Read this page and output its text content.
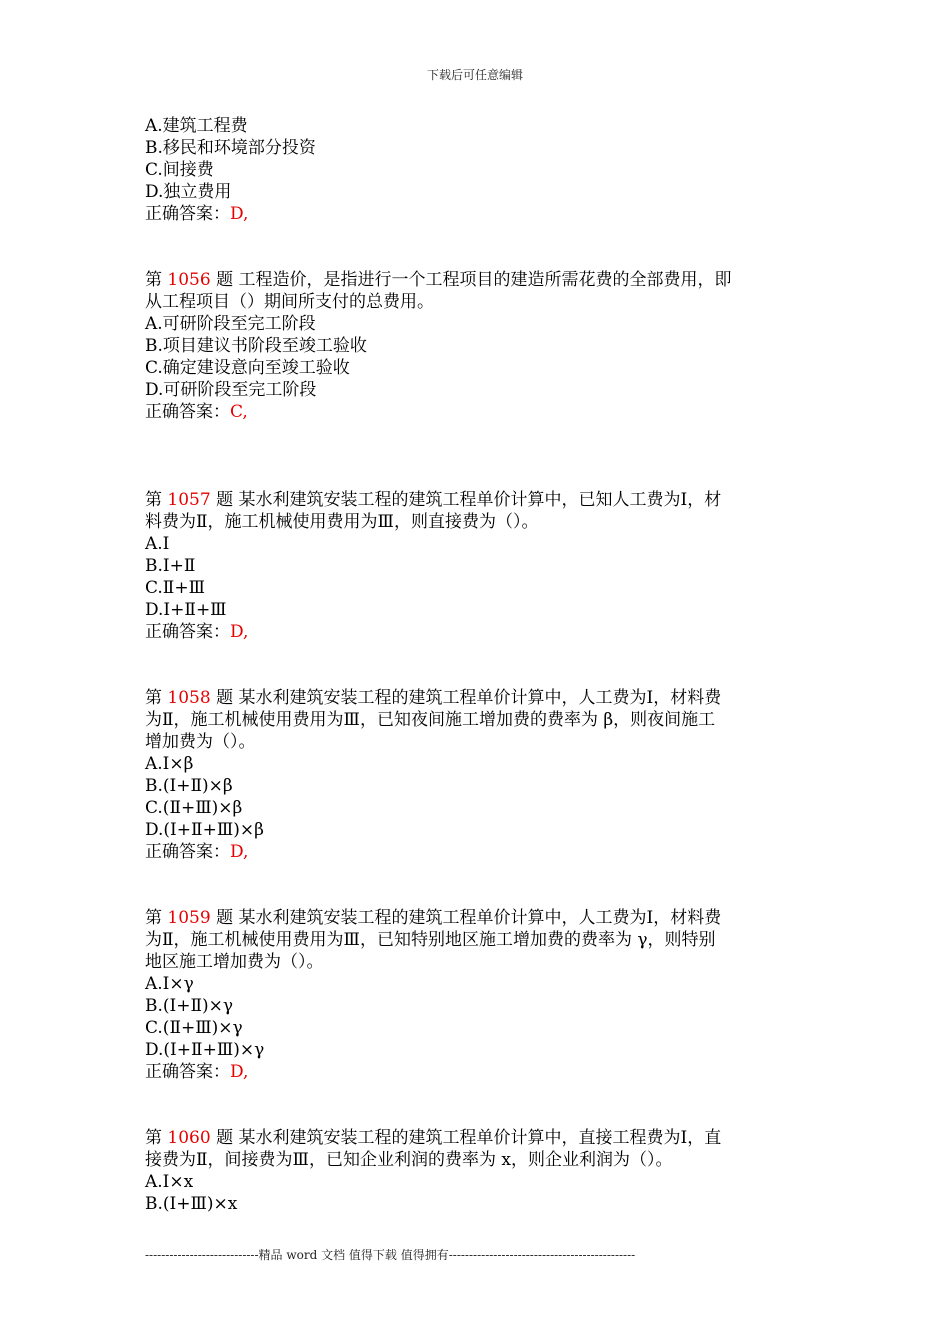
下载后可任意编辑

A.建筑工程费

B.移民和环境部分投资

C.间接费

D.独立费用

正确答案：D,

第 1056 题 工程造价，是指进行一个工程项目的建造所需花费的全部费用，即

从工程项目（）期间所支付的总费用。

A.可研阶段至完工阶段

B.项目建议书阶段至竣工验收

C.确定建设意向至竣工验收

D.可研阶段至完工阶段

正确答案：C,

第 1057 题 某水利建筑安装工程的建筑工程单价计算中，已知人工费为Ⅰ，材

料费为Ⅱ，施工机械使用费用为Ⅲ，则直接费为（）。

A.Ⅰ

B.Ⅰ+Ⅱ

C.Ⅱ+Ⅲ

D.Ⅰ+Ⅱ+Ⅲ

正确答案：D,

第 1058 题 某水利建筑安装工程的建筑工程单价计算中，人工费为Ⅰ，材料费

为Ⅱ，施工机械使用费用为Ⅲ，已知夜间施工增加费的费率为 β，则夜间施工

增加费为（）。

A.Ⅰ×β

B.(Ⅰ+Ⅱ)×β

C.(Ⅱ+Ⅲ)×β

D.(Ⅰ+Ⅱ+Ⅲ)×β

正确答案：D,

第 1059 题 某水利建筑安装工程的建筑工程单价计算中，人工费为Ⅰ，材料费

为Ⅱ，施工机械使用费用为Ⅲ，已知特别地区施工增加费的费率为 γ，则特别

地区施工增加费为（）。

A.Ⅰ×γ

B.(Ⅰ+Ⅱ)×γ

C.(Ⅱ+Ⅲ)×γ

D.(Ⅰ+Ⅱ+Ⅲ)×γ

正确答案：D,

第 1060 题 某水利建筑安装工程的建筑工程单价计算中，直接工程费为Ⅰ，直

接费为Ⅱ，间接费为Ⅲ，已知企业利润的费率为 x，则企业利润为（）。

A.Ⅰ×x

B.(Ⅰ+Ⅲ)×x

----------------------------精品 word 文档 值得下载 值得拥有----------------------------------------------
